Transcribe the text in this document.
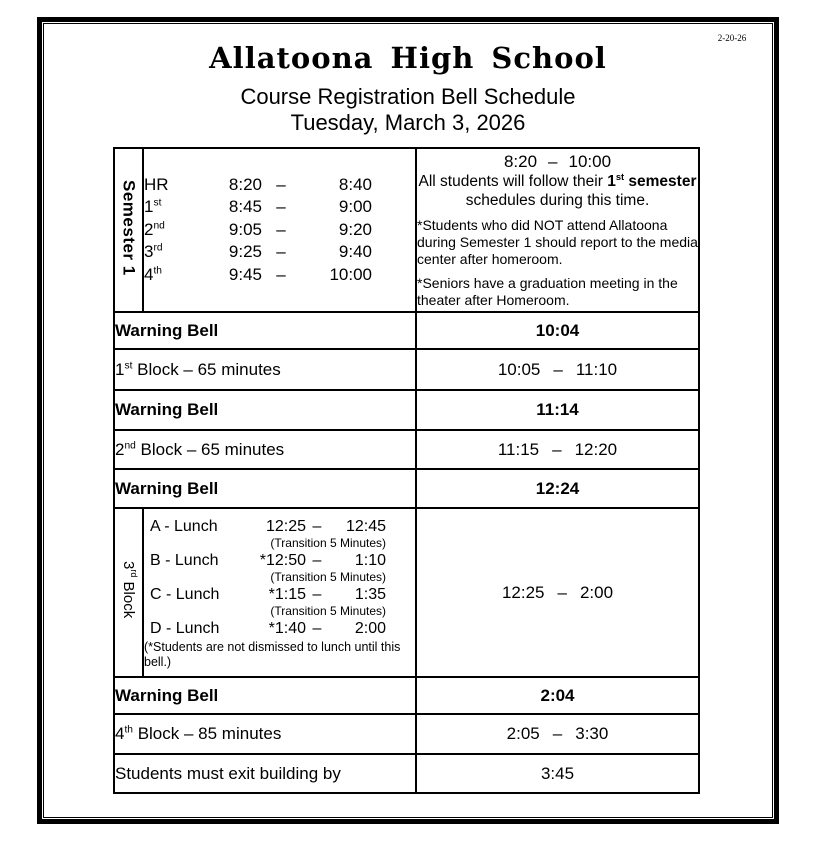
2-20-26
Allatoona High School
Course Registration Bell Schedule
Tuesday, March 3, 2026
Semester 1	HR	8:20 –	8:40
1st	8:45 –	9:00
2nd	9:05 –	9:20
3rd	9:25 –	9:40
4th	9:45 –	10:00

8:20 – 10:00
All students will follow their 1st semester schedules during this time.
*Students who did NOT attend Allatoona during Semester 1 should report to the media center after homeroom.
*Seniors have a graduation meeting in the theater after Homeroom.

Warning Bell		10:04
1st Block – 65 minutes		10:05 – 11:10
Warning Bell		11:14
2nd Block – 65 minutes		11:15 – 12:20
Warning Bell		12:24
3rd Block	
A - Lunch	12:25 –	12:45
(Transition 5 Minutes)
B - Lunch	*12:50 –	1:10
(Transition 5 Minutes)
C - Lunch	*1:15 –	1:35
(Transition 5 Minutes)
D - Lunch	*1:40 –	2:00
(*Students are not dismissed to lunch until this bell.)
	12:25 – 2:00
Warning Bell		2:04
4th Block – 85 minutes		2:05 – 3:30
Students must exit building by		3:45
